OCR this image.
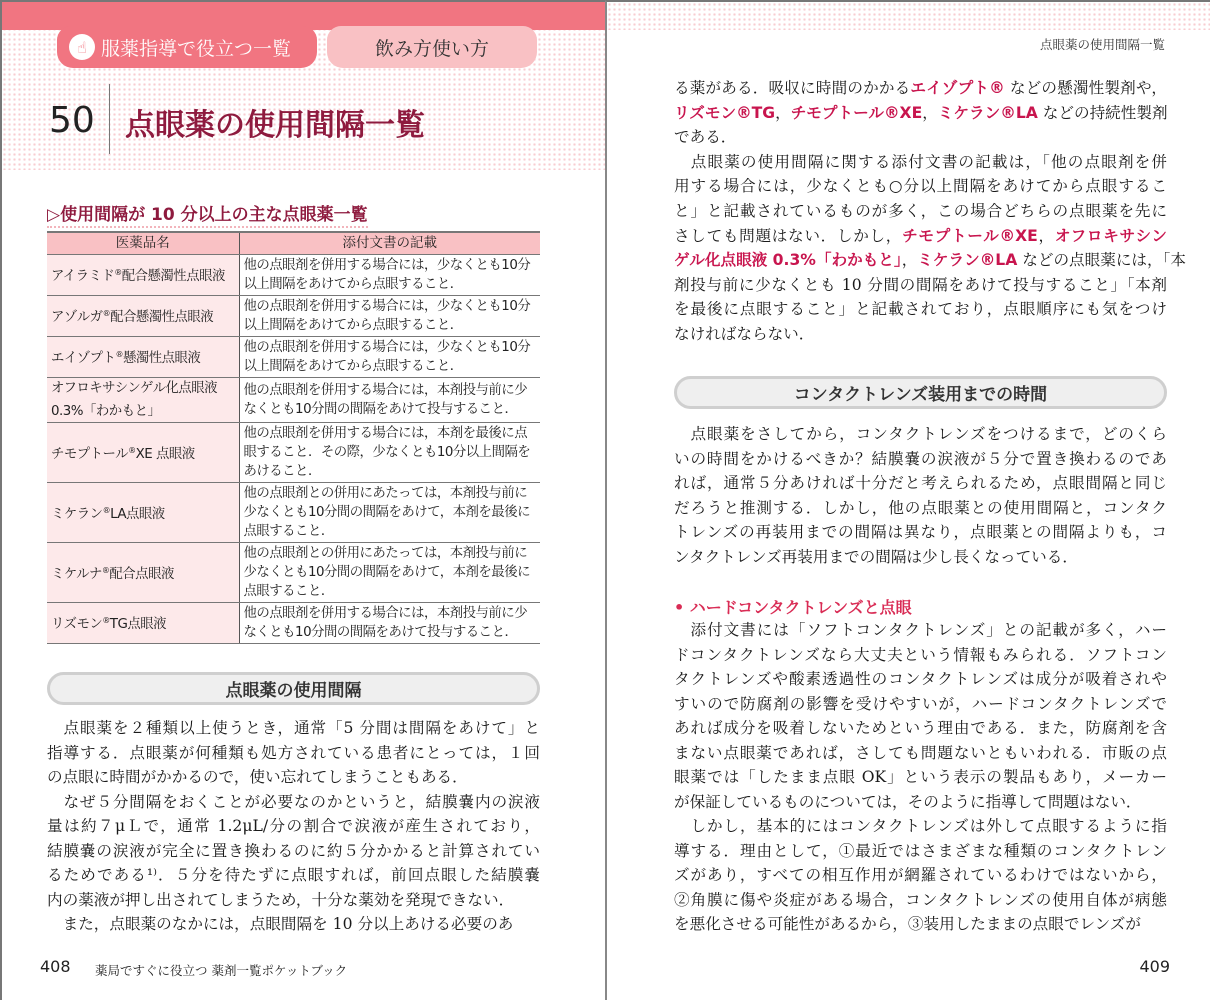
☝ 服薬指導で役立つ一覧	飲み方使い方
50 点眼薬の使用間隔一覧
▷使用間隔が 10 分以上の主な点眼薬一覧
医薬品名	添付文書の記載
アイラミド®配合懸濁性点眼液	他の点眼剤を併用する場合には，少なくとも10分以上間隔をあけてから点眼すること．
アゾルガ®配合懸濁性点眼液	他の点眼剤を併用する場合には，少なくとも10分以上間隔をあけてから点眼すること．
エイゾプト®懸濁性点眼液	他の点眼剤を併用する場合には，少なくとも10分以上間隔をあけてから点眼すること．
オフロキサシンゲル化点眼液 0.3%「わかもと」	他の点眼剤を併用する場合には，本剤投与前に少なくとも10分間の間隔をあけて投与すること．
チモプトール®XE 点眼液	他の点眼剤を併用する場合には，本剤を最後に点眼すること．その際，少なくとも10分以上間隔をあけること．
ミケラン®LA点眼液	他の点眼剤との併用にあたっては，本剤投与前に少なくとも10分間の間隔をあけて，本剤を最後に点眼すること．
ミケルナ®配合点眼液	他の点眼剤との併用にあたっては，本剤投与前に少なくとも10分間の間隔をあけて，本剤を最後に点眼すること．
リズモン®TG点眼液	他の点眼剤を併用する場合には，本剤投与前に少なくとも10分間の間隔をあけて投与すること．
点眼薬の使用間隔
　点眼薬を２種類以上使うとき，通常「5 分間は間隔をあけて」と
指導する．点眼薬が何種類も処方されている患者にとっては，１回
の点眼に時間がかかるので，使い忘れてしまうこともある．
　なぜ５分間隔をおくことが必要なのかというと，結膜嚢内の涙液
量は約７μＬで，通常 1.2μL/分の割合で涙液が産生されており，
結膜嚢の涙液が完全に置き換わるのに約５分かかると計算されてい
るためである¹⁾．５分を待たずに点眼すれば，前回点眼した結膜嚢
内の薬液が押し出されてしまうため，十分な薬効を発現できない．
　また，点眼薬のなかには，点眼間隔を 10 分以上あける必要のあ
408 薬局ですぐに役立つ 薬剤一覧ポケットブック
点眼薬の使用間隔一覧
コンタクトレンズ装用までの時間
• ハードコンタクトレンズと点眼
る薬がある．吸収に時間のかかるエイゾプト® などの懸濁性製剤や，
リズモン®TG，チモプトール®XE，ミケラン®LA などの持続性製剤
である．
　点眼薬の使用間隔に関する添付文書の記載は，「他の点眼剤を併
用する場合には，少なくとも○分以上間隔をあけてから点眼するこ
と」と記載されているものが多く，この場合どちらの点眼薬を先に
さしても問題はない．しかし，チモプトール®XE，オフロキサシン
ゲル化点眼液 0.3%「わかもと」，ミケラン®LA などの点眼薬には，「本
剤投与前に少なくとも 10 分間の間隔をあけて投与すること」「本剤
を最後に点眼すること」と記載されており，点眼順序にも気をつけ
なければならない．
　点眼薬をさしてから，コンタクトレンズをつけるまで，どのくら
いの時間をかけるべきか？結膜嚢の涙液が５分で置き換わるのであ
れば，通常５分あければ十分だと考えられるため，点眼間隔と同じ
だろうと推測する．しかし，他の点眼薬との使用間隔と，コンタク
トレンズの再装用までの間隔は異なり，点眼薬との間隔よりも，コ
ンタクトレンズ再装用までの間隔は少し長くなっている．
　添付文書には「ソフトコンタクトレンズ」との記載が多く，ハー
ドコンタクトレンズなら大丈夫という情報もみられる．ソフトコン
タクトレンズや酸素透過性のコンタクトレンズは成分が吸着されや
すいので防腐剤の影響を受けやすいが，ハードコンタクトレンズで
あれば成分を吸着しないためという理由である．また，防腐剤を含
まない点眼薬であれば，さしても問題ないともいわれる．市販の点
眼薬では「したまま点眼 OK」という表示の製品もあり，メーカー
が保証しているものについては，そのように指導して問題はない．
　しかし，基本的にはコンタクトレンズは外して点眼するように指
導する．理由として，①最近ではさまざまな種類のコンタクトレン
ズがあり，すべての相互作用が網羅されているわけではないから，
②角膜に傷や炎症がある場合，コンタクトレンズの使用自体が病態
を悪化させる可能性があるから，③装用したままの点眼でレンズが
409
